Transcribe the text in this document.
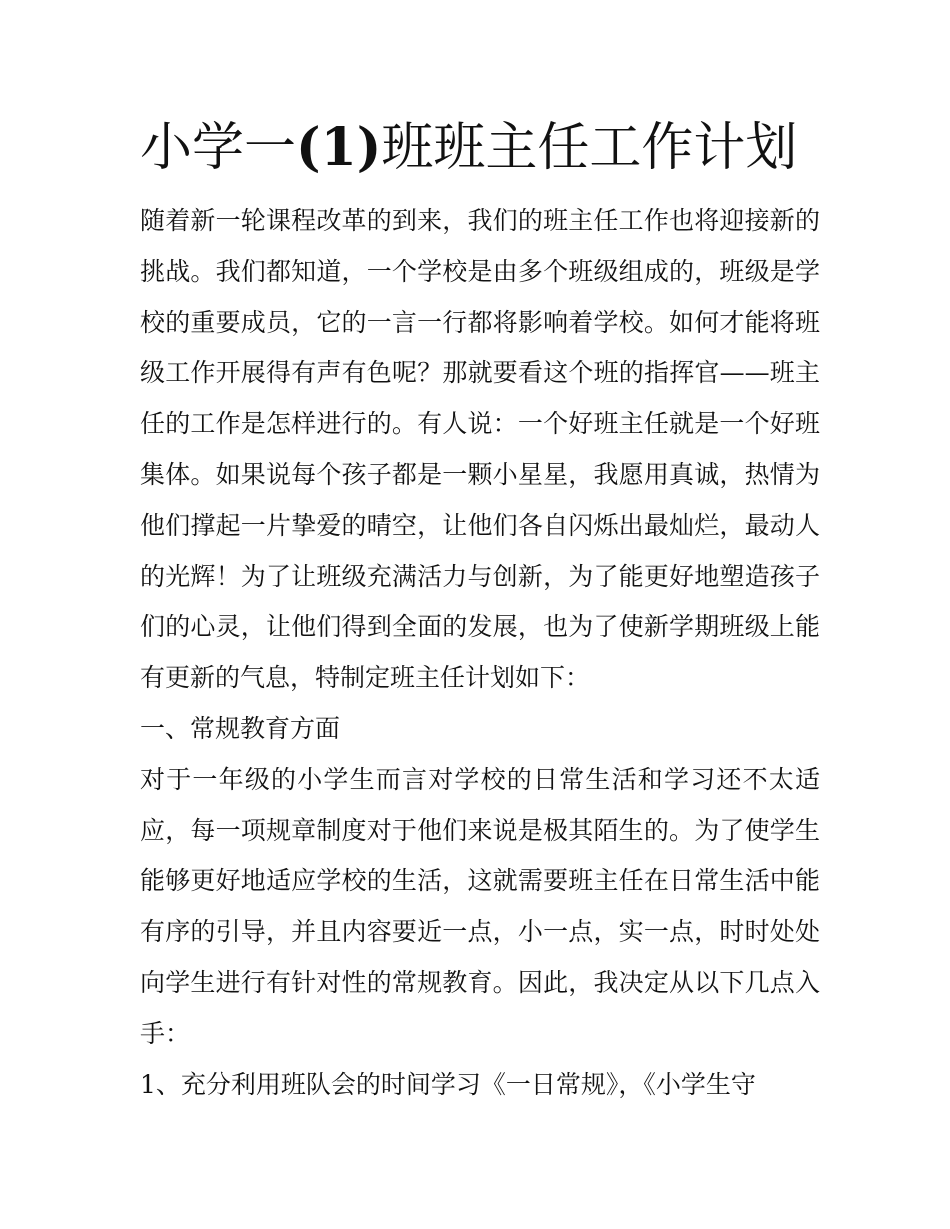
小学一(1)班班主任工作计划

随着新一轮课程改革的到来，我们的班主任工作也将迎接新的挑战。我们都知道，一个学校是由多个班级组成的，班级是学校的重要成员，它的一言一行都将影响着学校。如何才能将班级工作开展得有声有色呢？那就要看这个班的指挥官——班主任的工作是怎样进行的。有人说：一个好班主任就是一个好班集体。如果说每个孩子都是一颗小星星，我愿用真诚，热情为他们撑起一片挚爱的晴空，让他们各自闪烁出最灿烂，最动人的光辉！为了让班级充满活力与创新，为了能更好地塑造孩子们的心灵，让他们得到全面的发展，也为了使新学期班级上能有更新的气息，特制定班主任计划如下：

一、常规教育方面

对于一年级的小学生而言对学校的日常生活和学习还不太适应，每一项规章制度对于他们来说是极其陌生的。为了使学生能够更好地适应学校的生活，这就需要班主任在日常生活中能有序的引导，并且内容要近一点，小一点，实一点，时时处处向学生进行有针对性的常规教育。因此，我决定从以下几点入手：

1、充分利用班队会的时间学习《一日常规》，《小学生守
